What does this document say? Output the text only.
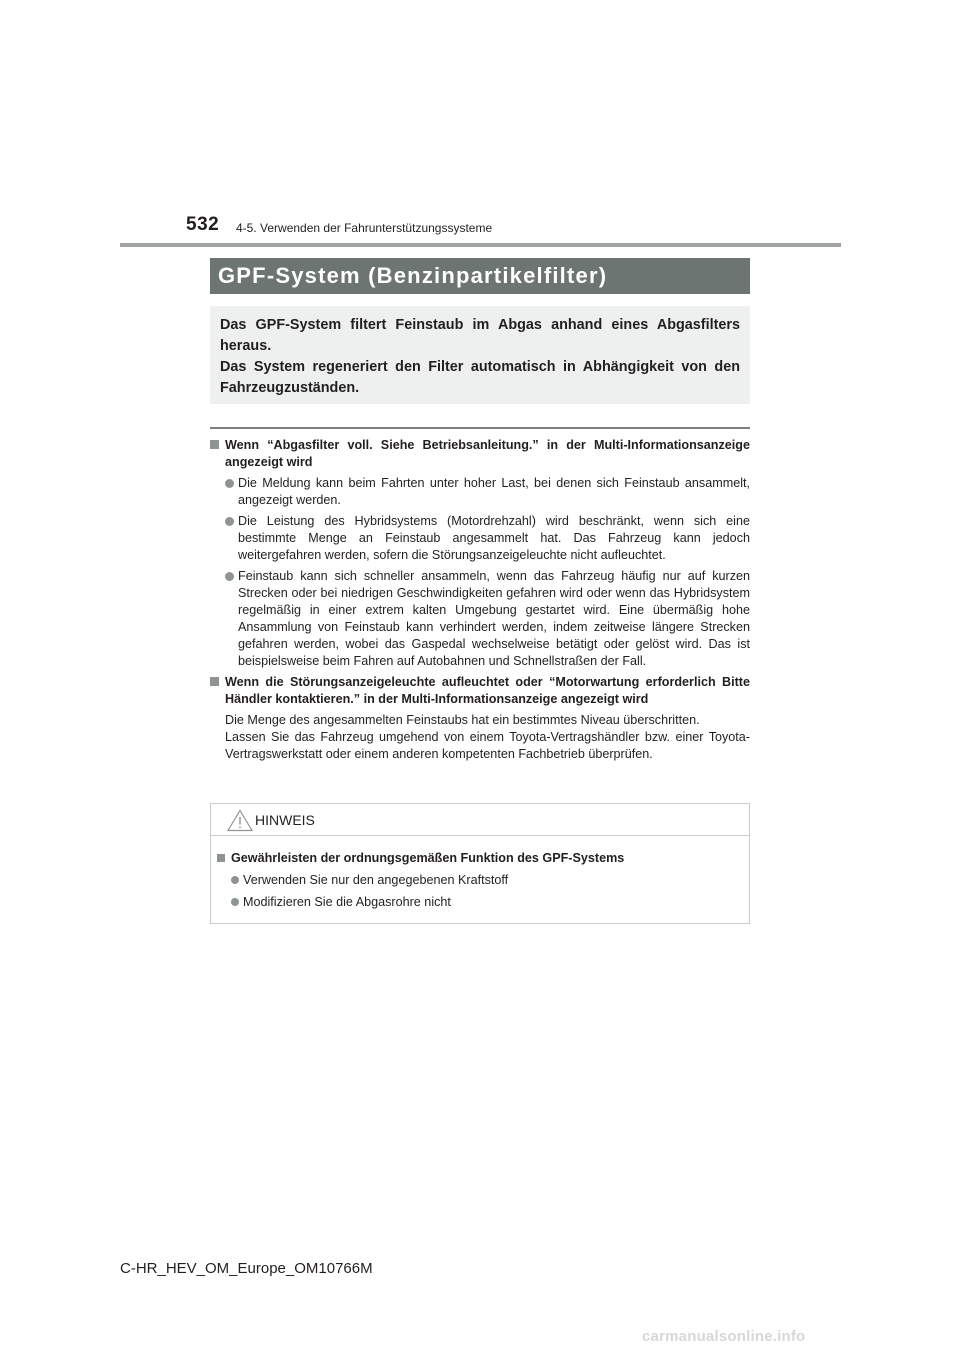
532 4-5. Verwenden der Fahrunterstützungssysteme
GPF-System (Benzinpartikelfilter)

Das GPF-System filtert Feinstaub im Abgas anhand eines Abgasfilters heraus.

Das System regeneriert den Filter automatisch in Abhängigkeit von den Fahrzeugzuständen.

Wenn “Abgasfilter voll. Siehe Betriebsanleitung.” in der Multi-Informationsanzeige angezeigt wird
Die Meldung kann beim Fahrten unter hoher Last, bei denen sich Feinstaub ansammelt, angezeigt werden.
Die Leistung des Hybridsystems (Motordrehzahl) wird beschränkt, wenn sich eine bestimmte Menge an Feinstaub angesammelt hat. Das Fahrzeug kann jedoch weitergefahren werden, sofern die Störungsanzeigeleuchte nicht aufleuchtet.
Feinstaub kann sich schneller ansammeln, wenn das Fahrzeug häufig nur auf kurzen Strecken oder bei niedrigen Geschwindigkeiten gefahren wird oder wenn das Hybridsystem regelmäßig in einer extrem kalten Umgebung gestartet wird. Eine übermäßig hohe Ansammlung von Feinstaub kann verhindert werden, indem zeitweise längere Strecken gefahren werden, wobei das Gaspedal wechselweise betätigt oder gelöst wird. Das ist beispielsweise beim Fahren auf Autobahnen und Schnellstraßen der Fall.
Wenn die Störungsanzeigeleuchte aufleuchtet oder “Motorwartung erforderlich Bitte Händler kontaktieren.” in der Multi-Informationsanzeige angezeigt wird
Die Menge des angesammelten Feinstaubs hat ein bestimmtes Niveau überschritten.
Lassen Sie das Fahrzeug umgehend von einem Toyota-Vertragshändler bzw. einer Toyota-Vertragswerkstatt oder einem anderen kompetenten Fachbetrieb überprüfen.
HINWEIS
Gewährleisten der ordnungsgemäßen Funktion des GPF-Systems
Verwenden Sie nur den angegebenen Kraftstoff
Modifizieren Sie die Abgasrohre nicht
C-HR_HEV_OM_Europe_OM10766M
carmanualsonline.info
